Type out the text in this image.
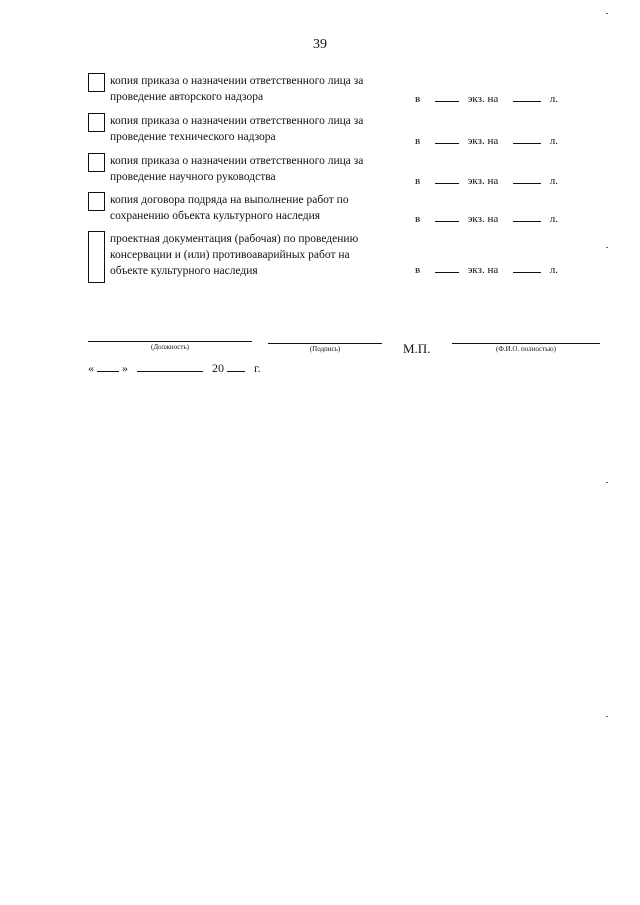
39
копия приказа о назначении ответственного лица за
проведение авторского надзора	в	экз. на	л.
копия приказа о назначении ответственного лица за
проведение технического надзора	в	экз. на	л.
копия приказа о назначении ответственного лица за
проведение научного руководства	в	экз. на	л.
копия договора подряда на выполнение работ по
сохранению объекта культурного наследия	в	экз. на	л.
проектная документация (рабочая) по проведению
консервации и (или) противоаварийных работ на
объекте культурного наследия	в	экз. на	л.
(Должность)	(Подпись)	М.П.	(Ф.И.О. полностью)
« »	20	г.
